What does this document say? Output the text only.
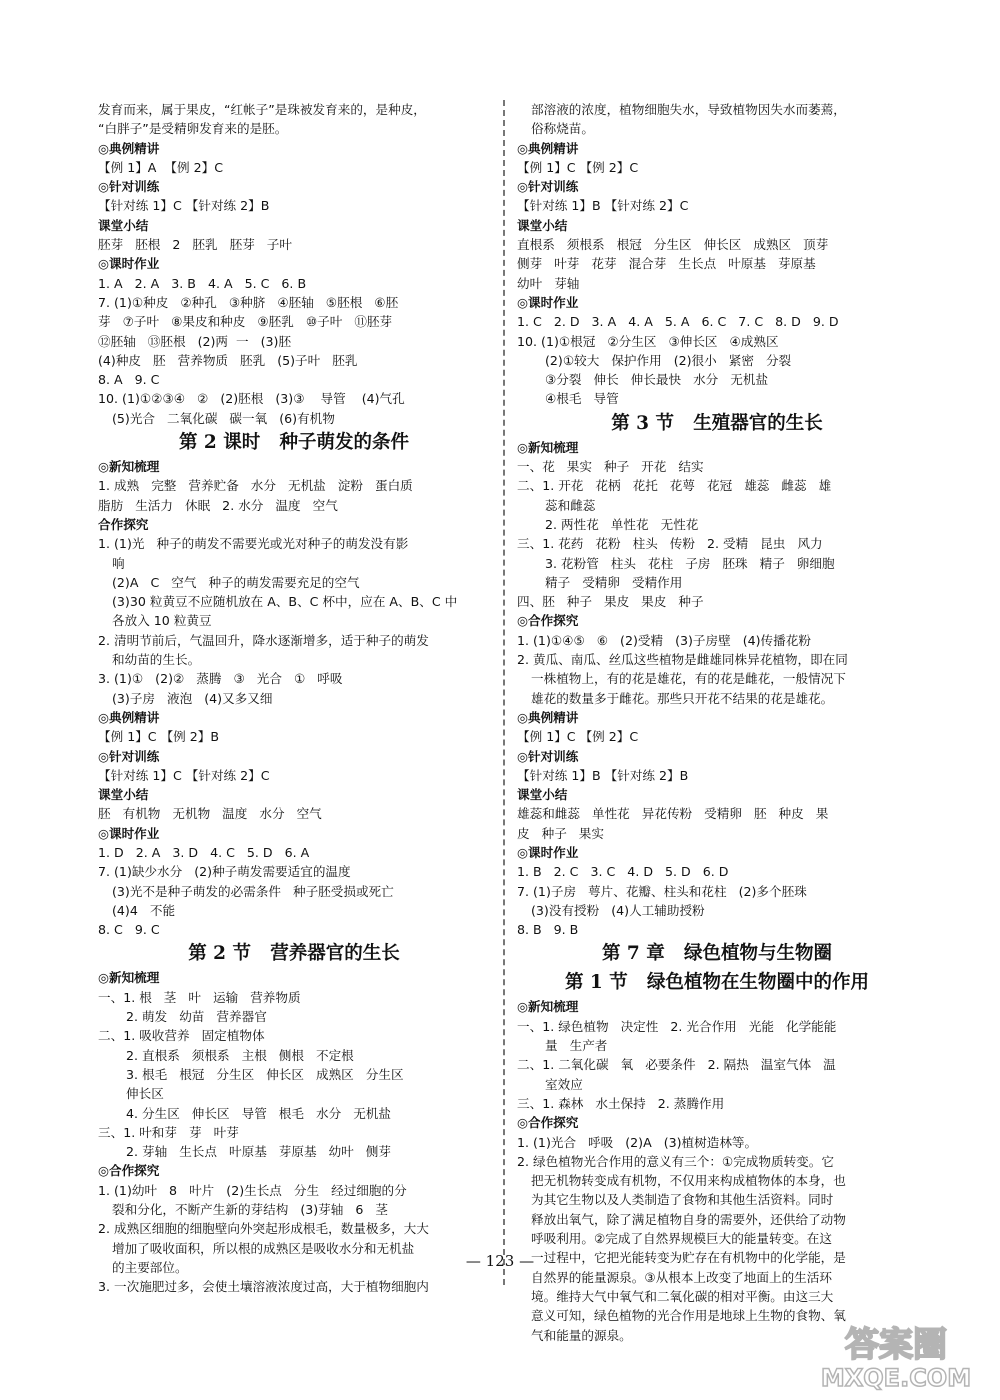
发育而来，属于果皮，“红帐子”是珠被发育来的，是种皮，
“白胖子”是受精卵发育来的是胚。
◎典例精讲
【例 1】A  【例 2】C
◎针对训练
【针对练 1】C 【针对练 2】B
课堂小结
胚芽   胚根   2   胚乳   胚芽   子叶
◎课时作业
1. A   2. A   3. B   4. A   5. C   6. B
7. (1)①种皮   ②种孔   ③种脐   ④胚轴   ⑤胚根   ⑥胚
芽   ⑦子叶   ⑧果皮和种皮   ⑨胚乳   ⑩子叶   ⑪胚芽
⑫胚轴   ⑬胚根   (2)两  一   (3)胚
(4)种皮   胚   营养物质   胚乳   (5)子叶   胚乳
8. A   9. C
10. (1)①②③④   ②   (2)胚根   (3)③    导管    (4)气孔
(5)光合   二氧化碳   碳一氧   (6)有机物
第 2 课时   种子萌发的条件
◎新知梳理
1. 成熟   完整   营养贮备   水分   无机盐   淀粉   蛋白质
脂肪   生活力   休眠   2. 水分   温度   空气
合作探究
1. (1)光   种子的萌发不需要光或光对种子的萌发没有影
响
(2)A   C   空气   种子的萌发需要充足的空气
(3)30 粒黄豆不应随机放在 A、B、C 杯中，应在 A、B、C 中
各放入 10 粒黄豆
2. 清明节前后，气温回升，降水逐渐增多，适于种子的萌发
和幼苗的生长。
3. (1)①   (2)②   蒸腾   ③   光合   ①   呼吸
(3)子房   液泡   (4)又多又细
◎典例精讲
【例 1】C 【例 2】B
◎针对训练
【针对练 1】C 【针对练 2】C
课堂小结
胚   有机物   无机物   温度   水分   空气
◎课时作业
1. D   2. A   3. D   4. C   5. D   6. A
7. (1)缺少水分   (2)种子萌发需要适宜的温度
(3)光不是种子萌发的必需条件   种子胚受损或死亡
(4)4   不能
8. C   9. C
第 2 节   营养器官的生长
◎新知梳理
一、1. 根   茎   叶   运输   营养物质
2. 萌发   幼苗   营养器官
二、1. 吸收营养   固定植物体
2. 直根系   须根系   主根   侧根   不定根
3. 根毛   根冠   分生区   伸长区   成熟区   分生区
伸长区
4. 分生区   伸长区   导管   根毛   水分   无机盐
三、1. 叶和芽   芽   叶芽
2. 芽轴   生长点   叶原基   芽原基   幼叶   侧芽
◎合作探究
1. (1)幼叶   8   叶片   (2)生长点   分生   经过细胞的分
裂和分化，不断产生新的芽结构   (3)芽轴   6   茎
2. 成熟区细胞的细胞壁向外突起形成根毛，数量极多，大大
增加了吸收面积，所以根的成熟区是吸收水分和无机盐
的主要部位。
3. 一次施肥过多，会使土壤溶液浓度过高，大于植物细胞内
部溶液的浓度，植物细胞失水，导致植物因失水而萎蔫，
俗称烧苗。
◎典例精讲
【例 1】C 【例 2】C
◎针对训练
【针对练 1】B 【针对练 2】C
课堂小结
直根系   须根系   根冠   分生区   伸长区   成熟区   顶芽
侧芽   叶芽   花芽   混合芽   生长点   叶原基   芽原基
幼叶   芽轴
◎课时作业
1. C   2. D   3. A   4. A   5. A   6. C   7. C   8. D   9. D
10. (1)①根冠   ②分生区   ③伸长区   ④成熟区
(2)①较大   保护作用   (2)很小   紧密   分裂
③分裂   伸长   伸长最快   水分   无机盐
④根毛   导管
第 3 节   生殖器官的生长
◎新知梳理
一、花   果实   种子   开花   结实
二、1. 开花   花柄   花托   花萼   花冠   雄蕊   雌蕊   雄
蕊和雌蕊
2. 两性花   单性花   无性花
三、1. 花药   花粉   柱头   传粉   2. 受精   昆虫   风力
3. 花粉管   柱头   花柱   子房   胚珠   精子   卵细胞
精子   受精卵   受精作用
四、胚   种子   果皮   果皮   种子
◎合作探究
1. (1)①④⑤   ⑥   (2)受精   (3)子房壁   (4)传播花粉
2. 黄瓜、南瓜、丝瓜这些植物是雌雄同株异花植物，即在同
一株植物上，有的花是雄花，有的花是雌花，一般情况下
雄花的数量多于雌花。那些只开花不结果的花是雄花。
◎典例精讲
【例 1】C 【例 2】C
◎针对训练
【针对练 1】B 【针对练 2】B
课堂小结
雄蕊和雌蕊   单性花   异花传粉   受精卵   胚   种皮   果
皮   种子   果实
◎课时作业
1. B   2. C   3. C   4. D   5. D   6. D
7. (1)子房   萼片、花瓣、柱头和花柱   (2)多个胚珠
(3)没有授粉   (4)人工辅助授粉
8. B   9. B
第 7 章   绿色植物与生物圈
第 1 节   绿色植物在生物圈中的作用
◎新知梳理
一、1. 绿色植物   决定性   2. 光合作用   光能   化学能能
量   生产者
二、1. 二氧化碳   氧   必要条件   2. 隔热   温室气体   温
室效应
三、1. 森林   水土保持   2. 蒸腾作用
◎合作探究
1. (1)光合   呼吸   (2)A   (3)植树造林等。
2. 绿色植物光合作用的意义有三个：①完成物质转变。它
把无机物转变成有机物，不仅用来构成植物体的本身，也
为其它生物以及人类制造了食物和其他生活资料。同时
释放出氧气，除了满足植物自身的需要外，还供给了动物
呼吸利用。②完成了自然界规模巨大的能量转变。在这
一过程中，它把光能转变为贮存在有机物中的化学能，是
自然界的能量源泉。③从根本上改变了地面上的生活环
境。维持大气中氧气和二氧化碳的相对平衡。由这三大
意义可知，绿色植物的光合作用是地球上生物的食物、氧
气和能量的源泉。
— 123 —
答案圈
MXQE.COM
